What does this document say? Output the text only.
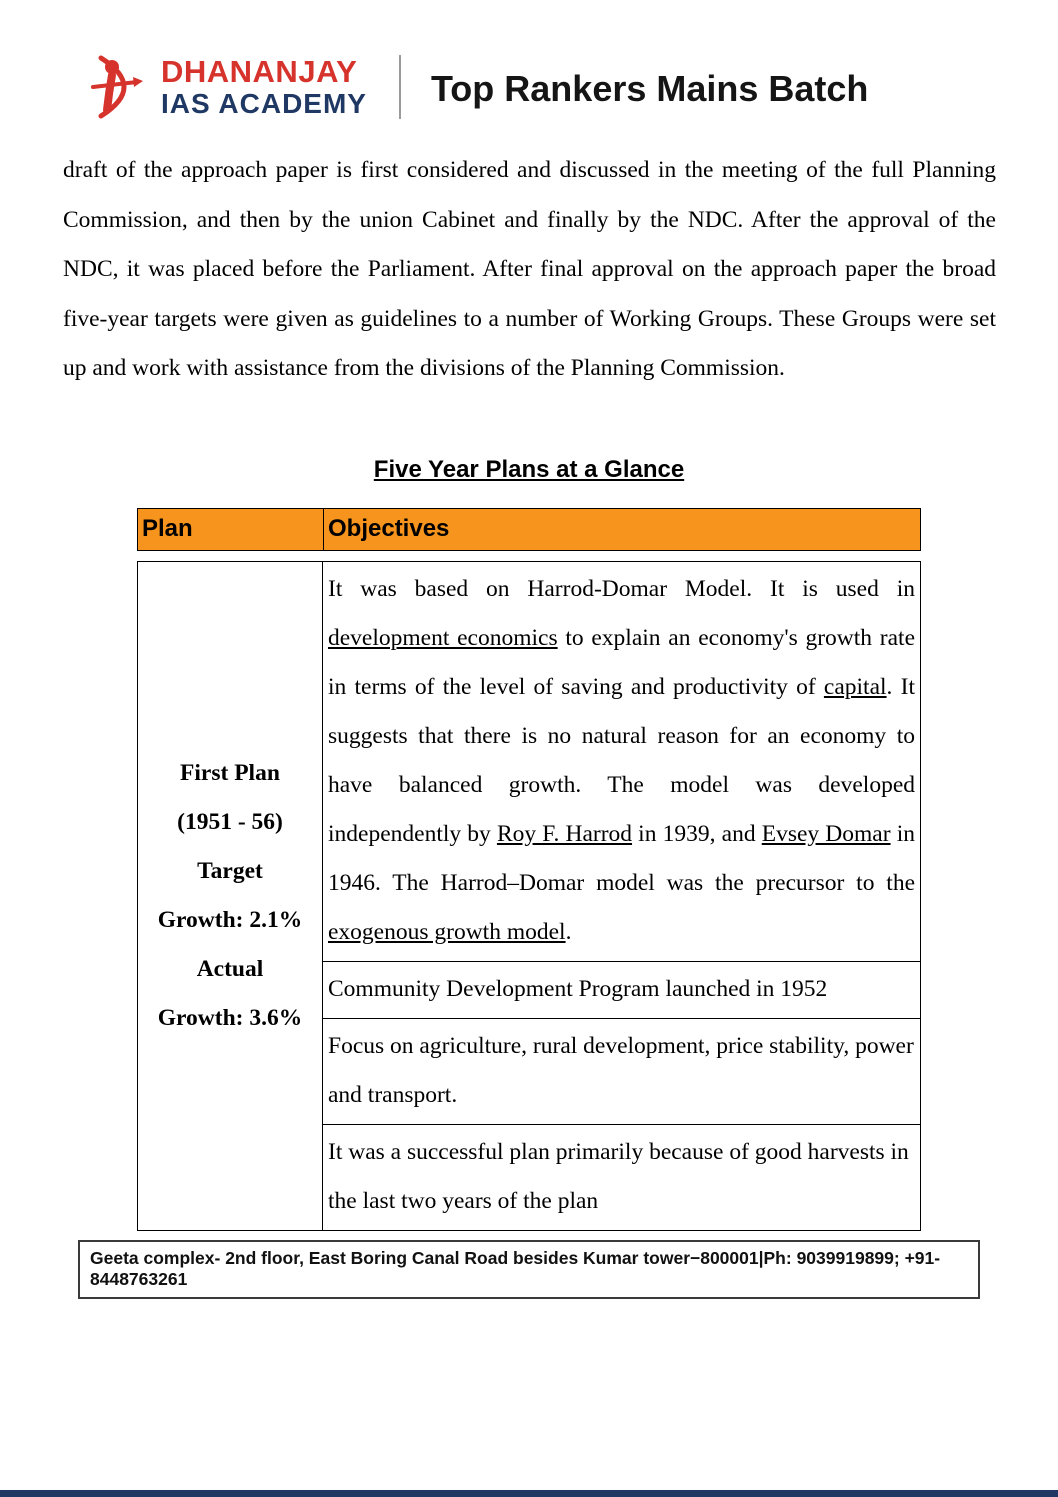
DHANANJAY
IAS ACADEMY Top Rankers Mains Batch

draft of the approach paper is first considered and discussed in the meeting of the full Planning Commission, and then by the union Cabinet and finally by the NDC. After the approval of the NDC, it was placed before the Parliament. After final approval on the approach paper the broad five-year targets were given as guidelines to a number of Working Groups. These Groups were set up and work with assistance from the divisions of the Planning Commission.

Five Year Plans at a Glance
Plan	Objectives
First Plan
(1951 - 56)
Target
Growth: 2.1%
Actual
Growth: 3.6%
It was based on Harrod-Domar Model. It is used in development economics to explain an economy's growth rate in terms of the level of saving and productivity of capital. It suggests that there is no natural reason for an economy to have balanced growth. The model was developed independently by Roy F. Harrod in 1939, and Evsey Domar in 1946. The Harrod–Domar model was the precursor to the exogenous growth model.
Community Development Program launched in 1952
Focus on agriculture, rural development, price stability, power and transport.
It was a successful plan primarily because of good harvests in the last two years of the plan
Geeta complex- 2nd floor, East Boring Canal Road besides Kumar tower−800001|Ph: 9039919899; +91-8448763261
